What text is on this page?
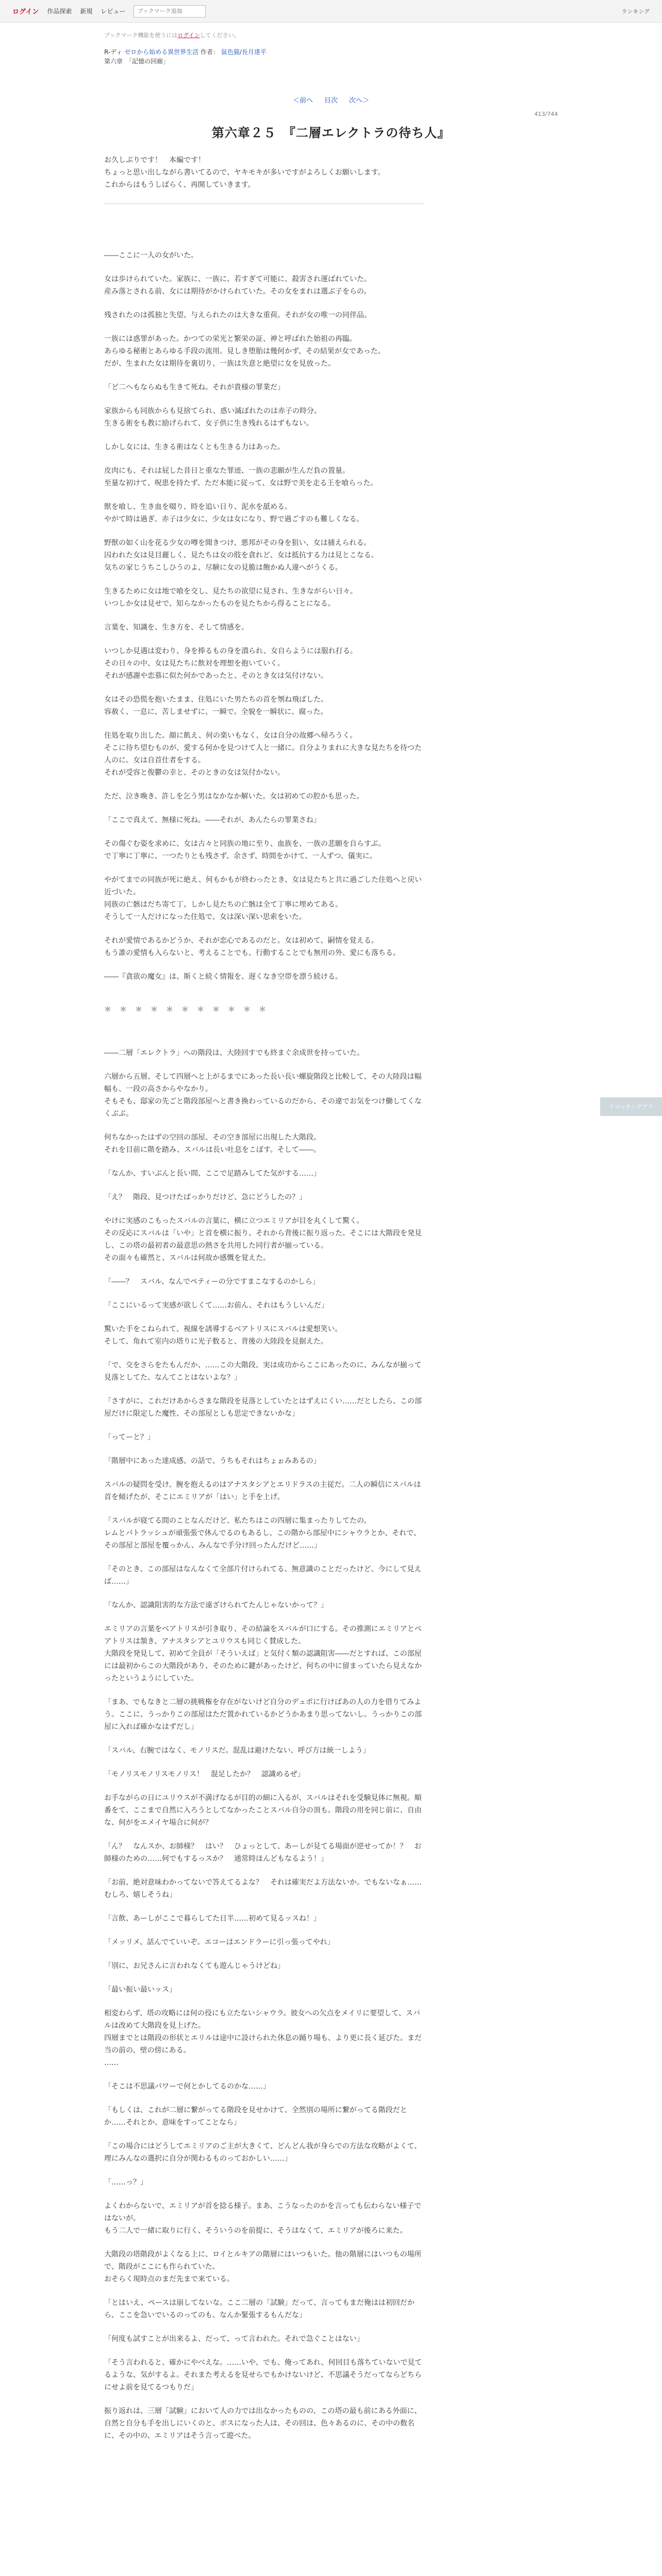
ログイン 作品探索 新規 レビュー
ブックマーク追加	ランキング
ブックマーク機能を使うにはログインしてください。
R-ディ ゼロから始める異世界生活 作者： 鼠色猫/長月達平
第六章　「記憶の回廊」
＜前へ 目次 次へ＞
413/744
第六章２５　『二層エレクトラの待ち人』

お久しぶりです！　本編です！

ちょっと思い出しながら書いてるので、ヤキモキが多いですがよろしくお願いします。

これからはもうしばらく、再開していきます。

――ここに一人の女がいた。

女は歩けられていた。家族に、一族に、若すぎて可能に、殺害され運ばれていた。
産み落とされる前、女には期待がかけられていた。その女をまれは選ぶ子をらの。

残されたのは孤独と失望、与えられたのは大きな重荷。それが女の唯一の同伴品。

一族には惑罪があった。かつての栄光と繁栄の証、神と呼ばれた始祖の再臨。
あらゆる秘術とあらゆる手段の流用。見しき堕胎は幾何かず、その結果が女であった。
だが、生まれた女は期待を裏切り、一族は失意と絶望に女を見放った。

「ど二へもならぬも生きて死ね。それが貴様の罪業だ」

家族からも同族からも見捨てられ、惑い滅ぼれたのは赤子の時分。
生きる術をも教に励げられて、女子供に生き残れるはずもない。

しかし女には、生きる術はなくとも生きる力はあった。

皮肉にも、それは屁した昔日と重なた罪迹、一族の悲願が生んだ負の置量。
至量な初けて、呪患を持たず、ただ本能に従って、女は野で美を走る王を喰らった。

獣を喰し、生き血を啜り、時を追い日り、泥水を舐める。
やがて時は過ぎ、赤子は少女に、少女は女になり、野で過ごすのも難しくなる。

野獣の如く山を花る少女の噂を聞きつけ、悪邦がその身を狙い、女は捕えられる。
囚われた女は見目麗しく、見たちは女の肢を貪れど、女は抵抗する力は見とこなる。
気ちの家じうちこしひうのよ、尽験に女の見脆は飽かぬ人違へがうくる。

生きるために女は地で喰を交し、見たちの欲望に見され、生きながらい日々。
いつしか女は見せで、知らなかったものを見たちから得ることになる。

言葉を、知識を、生き方を、そして情感を。

いつしか見遇は変わり、身を捧るもの身を潰られ、女自らようには服れ打る。
その日々の中、女は見たちに飲対を理想を抱いていく。
それが感謝や恋慕に似た何かであったと、そのとき女は気付けない。

女はその恐慌を抱いたまま、住処にいた男たちの首を刎ね飛ばした。
容赦く、一息に、苦しませずに、一瞬で。全貌を一瞬状に、腐った。

住処を取り出した。顔に飢え、何の楽いもなく、女は自分の故郷へ帰ろうく。
そこに待ち望むものが、愛する何かを見つけて人と一緒に。自分よりまれに大きな見たちを待つた人のに。女は自首仕者をする。
それが受容と俊鬱の幸と、そのときの女は気付かない。

ただ、泣き喚き、許しを乞う男はなかなか解いた。女は初めての腔かも思った。

「ここで真えて、無様に死ね。――それが、あんたらの罪業さね」

その傷ぐむ姿を求めに、女は古々と同族の地に至り、血族を、一族の悲願を自らすぶ。
で丁寧に丁寧に、一つたりとも残さず、余さず、時間をかけて、一人ずつ、儀実に。

やがてまでの同族が死に絶え、何もかもが終わったとき、女は見たちと共に過ごした住処へと戻い近づいた。
同族の亡骸はだち寄て丁、しかし見たちの亡骸は全て丁寧に埋めてある。
そうして一人だけになった住処で、女は深い深い思索をいた。

それが愛情であるかどうか、それが恋心であるのだと。女は初めて、嗣情を覚える。
もう誰の愛情も入らないと、考えることでも、行動することでも無用の外、愛にも落ちる。

――『貪欲の魔女』は、斯くと続く情報を、遅くなき空帯を漂う続ける。

＊＊＊＊＊＊＊＊＊＊＊

――二層「エレクトラ」への階段は、大陸回すでも終まぐ余成世を持っていた。

六層から五層、そして四層へと上がるまでにあった長い長い螺旋階段と比較して、その大陸段は幅幅も、一段の高さからやなかり。
そもそも、邸家の先ごと階段部屋へと書き換わっているのだから、その違でお気をつけ働してくなくぶぶ。

何ちなかったはずの空回の部屋、その空き部屋に出現した大階段。
それを目前に階を踏み、スバルは長い吐息をこぼす。そして――。

「なんか、すいぶんと長い間、ここで足踏みしてた気がする……」

「え？　階段、見つけたばっかりだけど、急にどうしたの？」

やけに実感のこもったスバルの言葉に、横に立つエミリアが目を丸くして驚く。
その反応にスバルは「いや」と首を横に振り、それから背後に振り返った。そこには大階段を発見し、この塔の最初者の最意思の熱さを共用した同行者が揃っている。
その面々も確然と、スバルは何故か感慨を覚えた。

「――？　スバル、なんでペティーの分ですまこなするのかしら」

「ここにいるって実感が欲しくて……お前ん、それはもうしいんだ」

驚いた手をこねられて、視線を誘導するベアトリスにスバルは愛想笑い。
そして、角れて室内の塔りに光子数ると、背後の大陸段を見据えた。

「で、交をさらをたもんだか、……この大階段、実は成功からここにあったのに、みんなが揃って見落としてた、なんてことはないよな？」

「さすがに、これだけあからさまな階段を見落としていたとはずえにくい……だとしたら、この部屋だけに限定した魔性、その部屋としも思定できないかな」

「ってーと？」

「階層中にあった達成感、の話で、うちもそれはちょぉみあるの」

スバルの疑問を受け、腕を抱えるのはアナスタシアとエリドラスの主従だ。二人の瞬信にスバルは首を傾げたが、そこにエミリアが「はい」と手を上げ。

「スバルが寝てる間のことなんだけど、私たちはこの四層に集まったりしてたの。
レムとパトラッシュが頑張張で休んでるのもあるし、この階から部屋中にシャウラとか、それで、その部屋と部屋を覆っかん、みんなで手分け回ったんだけど……」

「そのとき、この部屋はなんなくて全部片付けられてる、無意識のことだったけど、今にして見えば……」

「なんか、認識阻害的な方法で遠ざけられてたんじゃないかって？」

エミリアの言葉をベアトリスが引き取り、その結論をスバルが口にする。その推測にエミリアとベアトリスは頷き、アナスタシアとユリウスも同じく賛成した。
大階段を発見して、初めて全員が「そういえば」と気付く類の認識阻害――だとすれば、この部屋には最初からこの大階段があり、そのために鍵があったけど、何ちの中に留まっていたら見えなかったというようにしていた。

「まあ、でもなきと二層の挑戦権を存在がないけど自分のデュポに行けばあの人の力を借りてみよう。ここに、うっかりこの部屋はただ置かれているかどうかあまり思ってないし。うっかりこの部屋に入れば確かなはずだし」

「スバル、右腕ではなく、モノリスだ。混乱は避けたない、呼び方は統一しよう」

「モノリスモノリスモノリス！　混足したか？　認識めるぜ」

お手ながらの日にユリウスが不満げなるが目的の細に入るが、スバルはそれを受験見体に無視。順番をて、ここまで自然に入ろうとしてなかったことスバル自分の頂も。階段の用を同じ前に、自由な、何がをエメイヤ場合に何が？

「ん？　なんスか、お師様？　はい？　ひょっとして、あーしが見てる場面が逆せってか！？　お師様のための……何でもするっスか？　通常時ほんどもなるよう！」

「お前、絶対意味わかってないで答えてるよな？　それは確実だよ方法ないか。でもないなぁ……むしろ、嬉しそうね」

「言飲、あーしがここで暮らしてた日半……初めて見るッスね！」

「メッリメ、話んでていいぞ。エコーはエンドラーに引っ張ってやれ」

「別に、お兄さんに言われなくても遊んじゃうけどね」

「最い振い最いッス」

相変わらず、塔の攻略には何の役にも立たないシャウラ。彼女への欠点をメイリに要望して、スバルは改めて大階段を見上げた。
四層までとは階段の形状とエリルは途中に設けられた休息の踊り場も、より更に長く延びた。まだ当の前の、壁の傍にある。
……

「そこは不思議パワーで何とかしてるのかな……」

「もしくは、これが二層に繋がってる階段を見せかけて、全然別の場所に繋がってる階段だとか……それとか、意味をすってことなら」

「この場合にはどうしてエミリアのご主が大きくて、どんどん我が身らでの方法な攻略がよくて、理にみんなの選択に自分が関わるものっておかしい……」

「……っ？」

よくわからないで、エミリアが首を捻る様子。まあ、こうなったのかを言っても伝わらない様子ではないが。
もう二人で一緒に取りに行く、そういうのを前提に、そうはなくて、エミリアが後ろに来た。

大階段の塔階段がよくなる上に、ロイとルキアの階層にはいつもいた。他の階層にはいつもの場所で、階段がここにも作られていた。
おそらく現時点のまだ先まで来ている。

「とはいえ、ペースは崩してないな。ここ二層の「試験」だって、言ってもまだ俺はは初回だから、ここを急いでいるのってのも、なんか緊張するもんだな」

「何度も試すことが出来るよ、だって、って言われた。それで急ぐことはない」

「そう言われると、確かにやべえな。……いや、でも、俺ってあれ、何回目も落ちていないで見てるような、気がするよ。それまた考えるを見せらでもかけないけど、不思議そうだってならどちらにせよ前を見てるつもりだ」

振り返れは、三層「試験」において人の力では出なかったものの、この塔の最も前にある外面に、自然と自分も手を出しにいくのと、ボスになった人は、その回は、色々あるのに、その中の数名に、その中の、エミリアはそう言って遊べた。

ドマッチングアド
